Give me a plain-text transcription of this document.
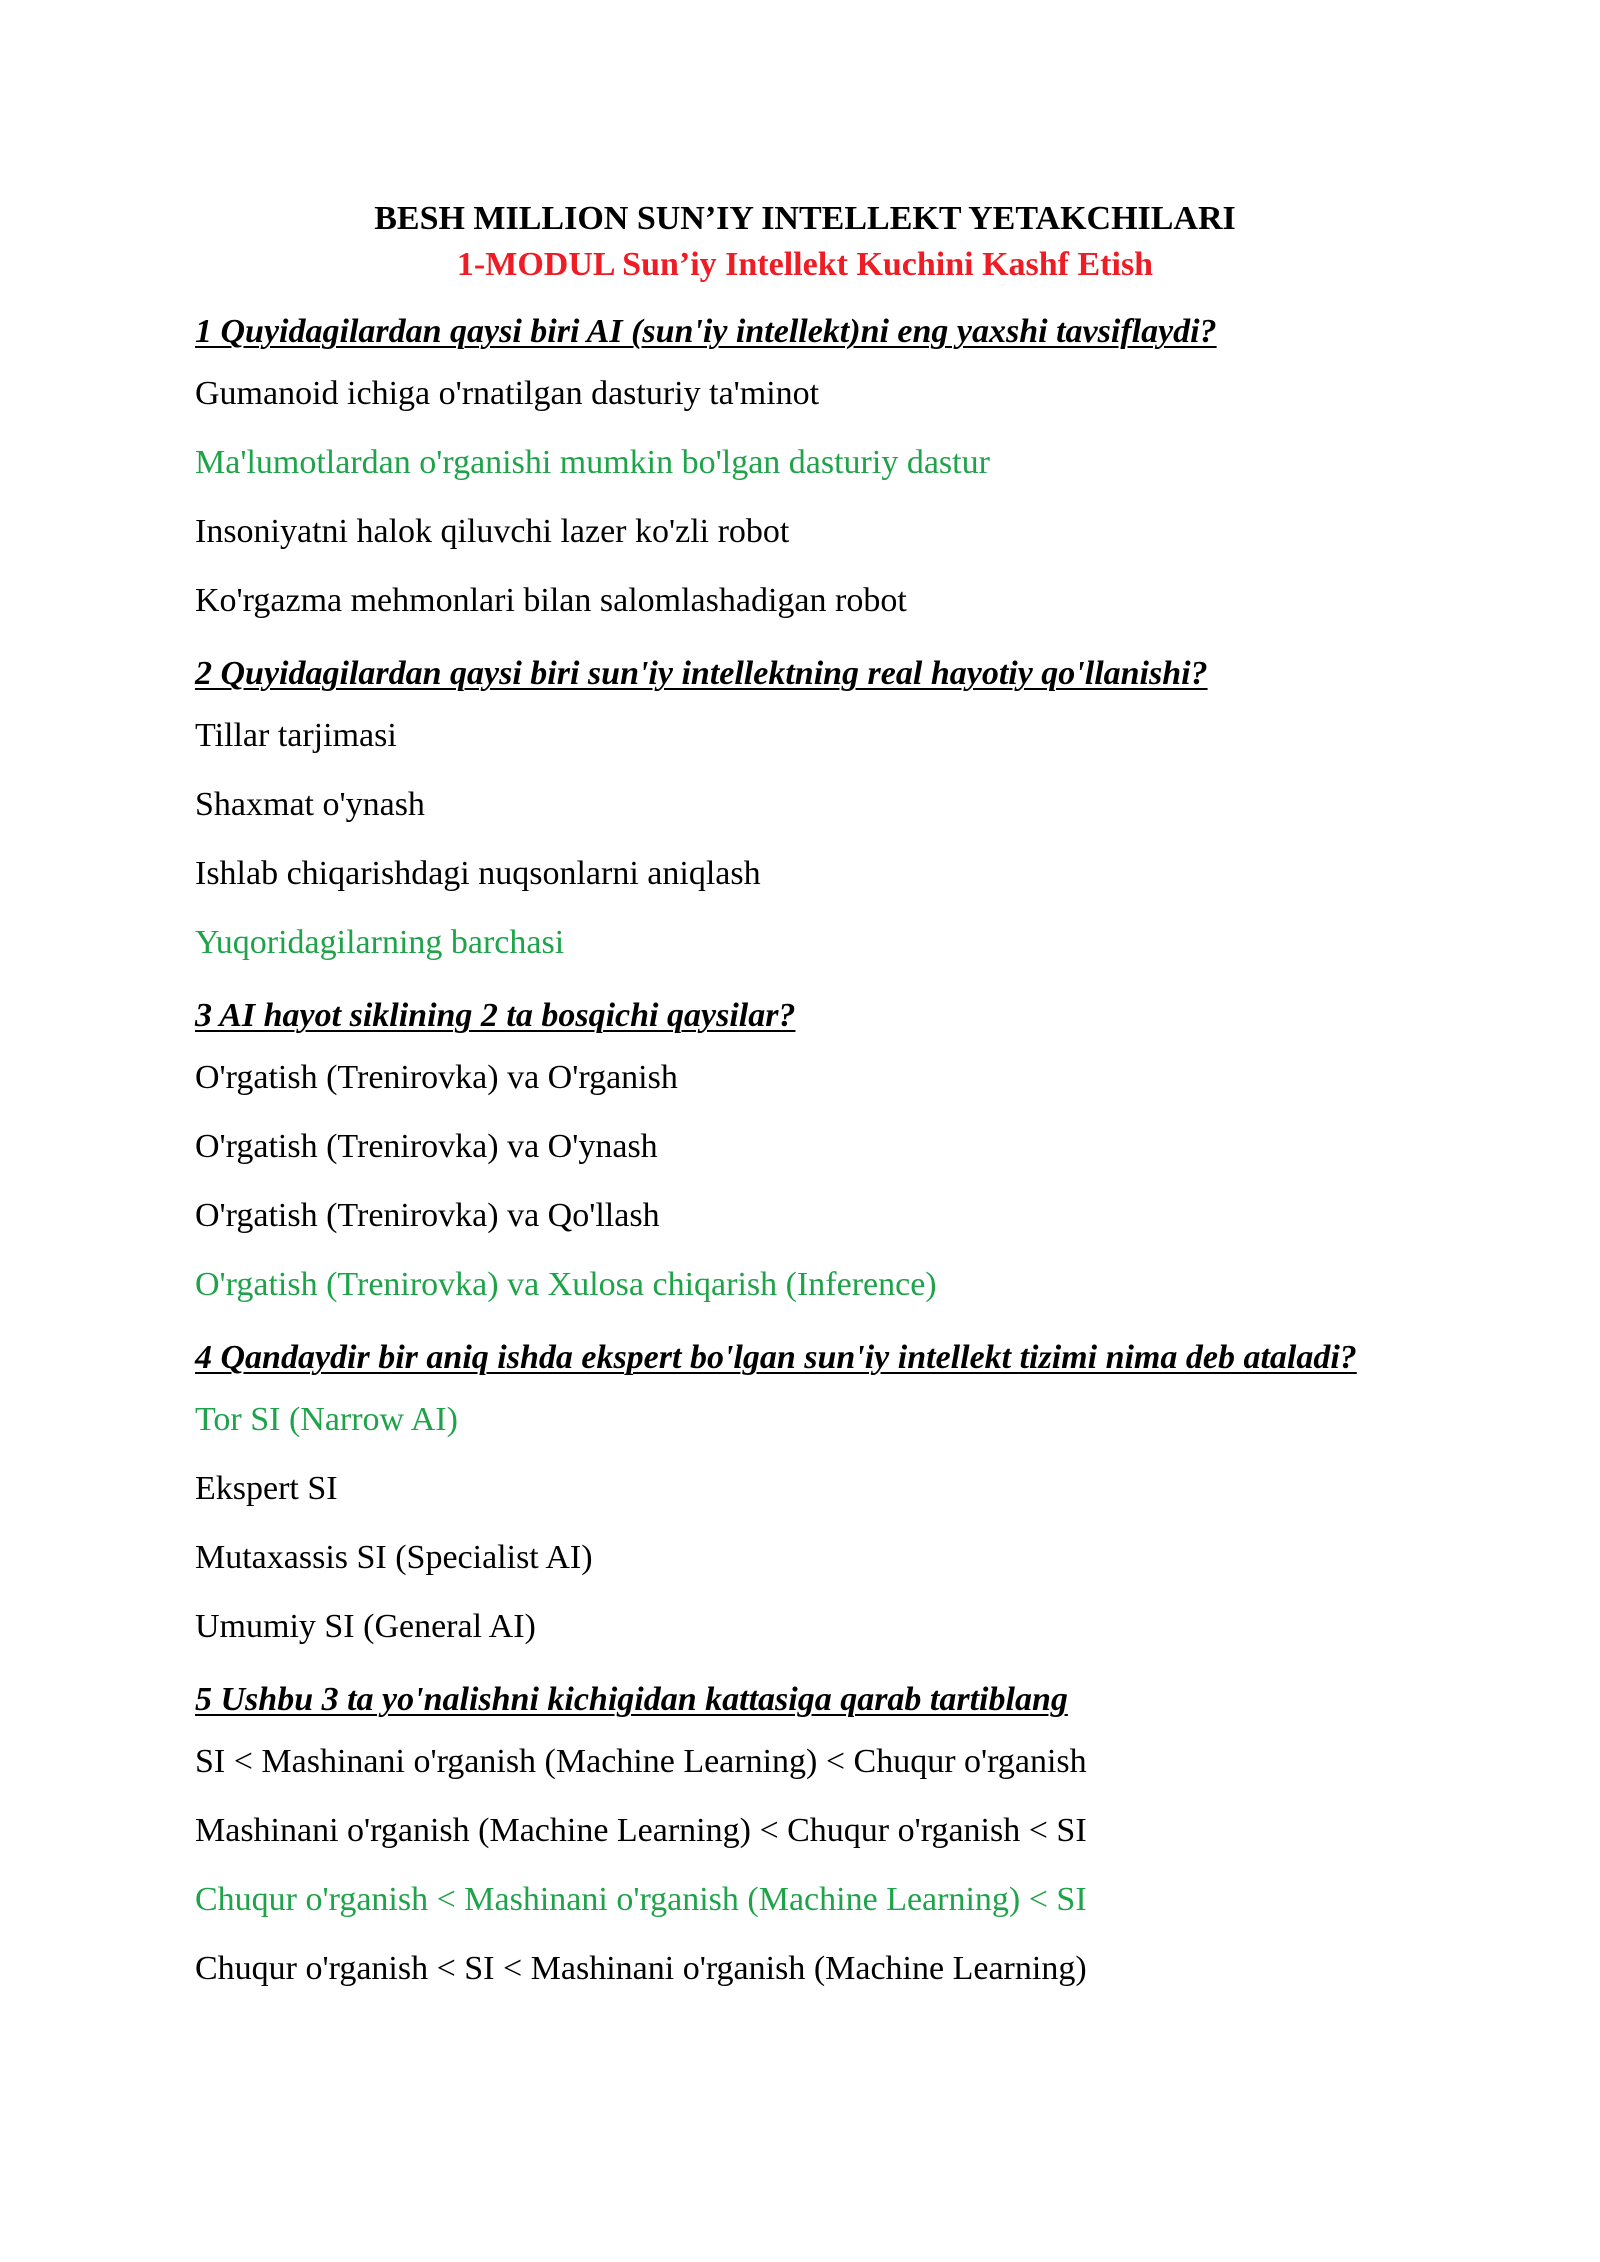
BESH MILLION SUN’IY INTELLEKT YETAKCHILARI
1-MODUL Sun’iy Intellekt Kuchini Kashf Etish

1 Quyidagilardan qaysi biri AI (sun'iy intellekt)ni eng yaxshi tavsiflaydi?

Gumanoid ichiga o'rnatilgan dasturiy ta'minot

Ma'lumotlardan o'rganishi mumkin bo'lgan dasturiy dastur

Insoniyatni halok qiluvchi lazer ko'zli robot

Ko'rgazma mehmonlari bilan salomlashadigan robot

2 Quyidagilardan qaysi biri sun'iy intellektning real hayotiy qo'llanishi?

Tillar tarjimasi

Shaxmat o'ynash

Ishlab chiqarishdagi nuqsonlarni aniqlash

Yuqoridagilarning barchasi

3 AI hayot siklining 2 ta bosqichi qaysilar?

O'rgatish (Trenirovka) va O'rganish

O'rgatish (Trenirovka) va O'ynash

O'rgatish (Trenirovka) va Qo'llash

O'rgatish (Trenirovka) va Xulosa chiqarish (Inference)

4 Qandaydir bir aniq ishda ekspert bo'lgan sun'iy intellekt tizimi nima deb ataladi?

Tor SI (Narrow AI)

Ekspert SI

Mutaxassis SI (Specialist AI)

Umumiy SI (General AI)

5 Ushbu 3 ta yo'nalishni kichigidan kattasiga qarab tartiblang

SI < Mashinani o'rganish (Machine Learning) < Chuqur o'rganish

Mashinani o'rganish (Machine Learning) < Chuqur o'rganish < SI

Chuqur o'rganish < Mashinani o'rganish (Machine Learning) < SI

Chuqur o'rganish < SI < Mashinani o'rganish (Machine Learning)
